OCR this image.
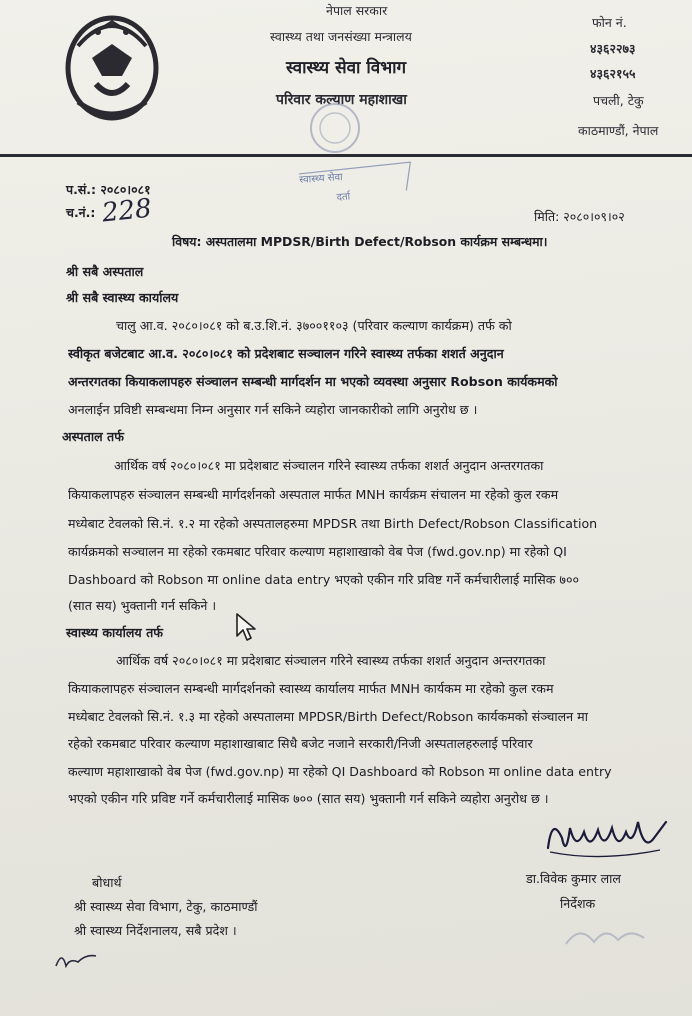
नेपाल सरकार
स्वास्थ्य तथा जनसंख्या मन्त्रालय
स्वास्थ्य सेवा विभाग
परिवार कल्याण महाशाखा
फोन नं.
४३६२२७३
४३६२१५५
पचली, टेकु
काठमाण्डौं, नेपाल
स्वास्थ्य सेवा
दर्ता
प.सं.: २०८०।०८१
च.नं.: 228	मिति: २०८०।०९।०२
विषय: अस्पतालमा MPDSR/Birth Defect/Robson कार्यक्रम सम्बन्धमा।
श्री सबै अस्पताल
श्री सबै स्वास्थ्य कार्यालय
चालु आ.व. २०८०।०८१ को ब.उ.शि.नं. ३७००११०३ (परिवार कल्याण कार्यक्रम) तर्फ को
स्वीकृत बजेटबाट आ.व. २०८०।०८१ को प्रदेशबाट सञ्चालन गरिने स्वास्थ्य तर्फका शशर्त अनुदान
अन्तरगतका कियाकलापहरु संञ्चालन सम्बन्धी मार्गदर्शन मा भएको व्यवस्था अनुसार Robson कार्यकमको
अनलाईन प्रविष्टी सम्बन्धमा निम्न अनुसार गर्न सकिने व्यहोरा जानकारीको लागि अनुरोध छ ।
अस्पताल तर्फ
आर्थिक वर्ष २०८०।०८१ मा प्रदेशबाट संञ्चालन गरिने स्वास्थ्य तर्फका शशर्त अनुदान अन्तरगतका
कियाकलापहरु संञ्चालन सम्बन्धी मार्गदर्शनको अस्पताल मार्फत MNH कार्यक्रम संचालन मा रहेको कुल रकम
मध्येबाट टेवलको सि.नं. १.२ मा रहेको अस्पतालहरुमा MPDSR तथा Birth Defect/Robson Classification
कार्यक्रमको सञ्चालन मा रहेको रकमबाट परिवार कल्याण महाशाखाको वेब पेज (fwd.gov.np) मा रहेको QI
Dashboard को Robson मा online data entry भएको एकीन गरि प्रविष्ट गर्ने कर्मचारीलाई मासिक ७००
(सात सय) भुक्तानी गर्न सकिने ।
स्वास्थ्य कार्यालय तर्फ
आर्थिक वर्ष २०८०।०८१ मा प्रदेशबाट संञ्चालन गरिने स्वास्थ्य तर्फका शशर्त अनुदान अन्तरगतका
कियाकलापहरु संञ्चालन सम्बन्धी मार्गदर्शनको स्वास्थ्य कार्यालय मार्फत MNH कार्यकम मा रहेको कुल रकम
मध्येबाट टेवलको सि.नं. १.३ मा रहेको अस्पतालमा MPDSR/Birth Defect/Robson कार्यकमको संञ्चालन मा
रहेको रकमबाट परिवार कल्याण महाशाखाबाट सिधै बजेट नजाने सरकारी/निजी अस्पतालहरुलाई परिवार
कल्याण महाशाखाको वेब पेज (fwd.gov.np) मा रहेको QI Dashboard को Robson मा online data entry
भएको एकीन गरि प्रविष्ट गर्ने कर्मचारीलाई मासिक ७०० (सात सय) भुक्तानी गर्न सकिने व्यहोरा अनुरोध छ ।
डा.विवेक कुमार लाल
निर्देशक
बोधार्थ
श्री स्वास्थ्य सेवा विभाग, टेकु, काठमाण्डौं
श्री स्वास्थ्य निर्देशनालय, सबै प्रदेश ।
